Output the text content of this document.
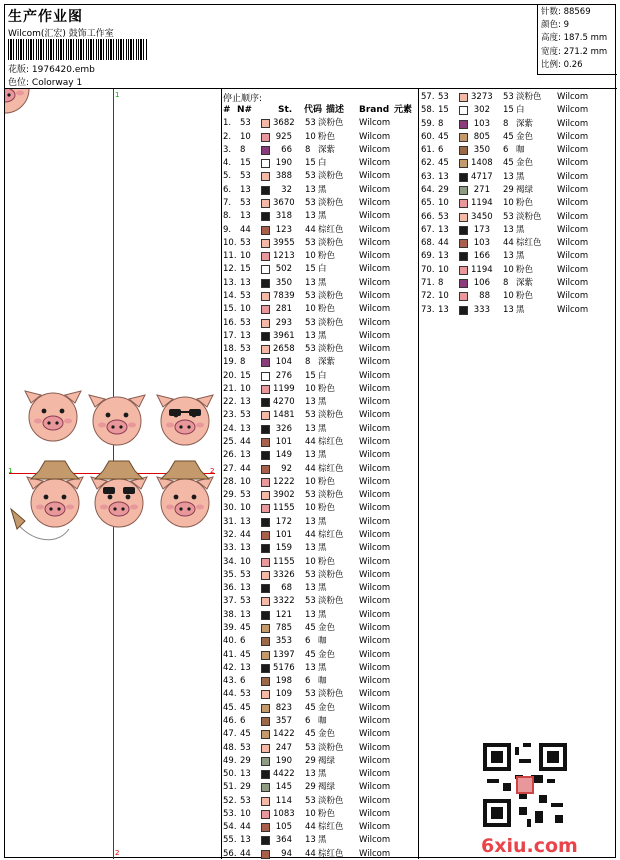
生产作业图
Wilcom(汇宏) 鼓饰工作室
花版: 1976420.emb
色位: Colorway 1
针数: 88569
颜色: 9
高度: 187.5 mm
宽度: 271.2 mm
比例: 0.26
1
2
1	2
停止顺序:
# N#	St. 代码 描述 Brand 元素
1. 53	3682 53 淡粉色 Wilcom
2. 10	925 10 粉色	Wilcom
3. 8	66 8 深紫	Wilcom
4. 15	190 15 白	Wilcom
5. 53	388 53 淡粉色 Wilcom
6. 13	32 13 黑	Wilcom
7. 53	3670 53 淡粉色 Wilcom
8. 13	318 13 黑	Wilcom
9. 44	123 44 棕红色 Wilcom
10. 53	3955 53 淡粉色 Wilcom
11. 10	1213 10 粉色	Wilcom
12. 15	502 15 白	Wilcom
13. 13	350 13 黑	Wilcom
14. 53	7839 53 淡粉色 Wilcom
15. 10	281 10 粉色	Wilcom
16. 53	293 53 淡粉色 Wilcom
17. 13	3961 13 黑	Wilcom
18. 53	2658 53 淡粉色 Wilcom
19. 8	104 8 深紫	Wilcom
20. 15	276 15 白	Wilcom
21. 10	1199 10 粉色	Wilcom
22. 13	4270 13 黑	Wilcom
23. 53	1481 53 淡粉色 Wilcom
24. 13	326 13 黑	Wilcom
25. 44	101 44 棕红色 Wilcom
26. 13	149 13 黑	Wilcom
27. 44	92 44 棕红色 Wilcom
28. 10	1222 10 粉色	Wilcom
29. 53	3902 53 淡粉色 Wilcom
30. 10	1155 10 粉色	Wilcom
31. 13	172 13 黑	Wilcom
32. 44	101 44 棕红色 Wilcom
33. 13	159 13 黑	Wilcom
34. 10	1155 10 粉色	Wilcom
35. 53	3326 53 淡粉色 Wilcom
36. 13	68 13 黑	Wilcom
37. 53	3322 53 淡粉色 Wilcom
38. 13	121 13 黑	Wilcom
39. 45	785 45 金色	Wilcom
40. 6	353 6 咖	Wilcom
41. 45	1397 45 金色	Wilcom
42. 13	5176 13 黑	Wilcom
43. 6	198 6 咖	Wilcom
44. 53	109 53 淡粉色 Wilcom
45. 45	823 45 金色	Wilcom
46. 6	357 6 咖	Wilcom
47. 45	1422 45 金色	Wilcom
48. 53	247 53 淡粉色 Wilcom
49. 29	190 29 褐绿	Wilcom
50. 13	4422 13 黑	Wilcom
51. 29	145 29 褐绿	Wilcom
52. 53	114 53 淡粉色 Wilcom
53. 10	1083 10 粉色	Wilcom
54. 44	105 44 棕红色 Wilcom
55. 13	364 13 黑	Wilcom
56. 44	94 44 棕红色 Wilcom
57. 53	3273 53 淡粉色 Wilcom
58. 15	302 15 白	Wilcom
59. 8	103 8 深紫	Wilcom
60. 45	805 45 金色	Wilcom
61. 6	350 6 咖	Wilcom
62. 45	1408 45 金色	Wilcom
63. 13	4717 13 黑	Wilcom
64. 29	271 29 褐绿	Wilcom
65. 10	1194 10 粉色	Wilcom
66. 53	3450 53 淡粉色 Wilcom
67. 13	173 13 黑	Wilcom
68. 44	103 44 棕红色 Wilcom
69. 13	166 13 黑	Wilcom
70. 10	1194 10 粉色	Wilcom
71. 8	106 8 深紫	Wilcom
72. 10	88 10 粉色	Wilcom
73. 13	333 13 黑	Wilcom
6xiu.com
